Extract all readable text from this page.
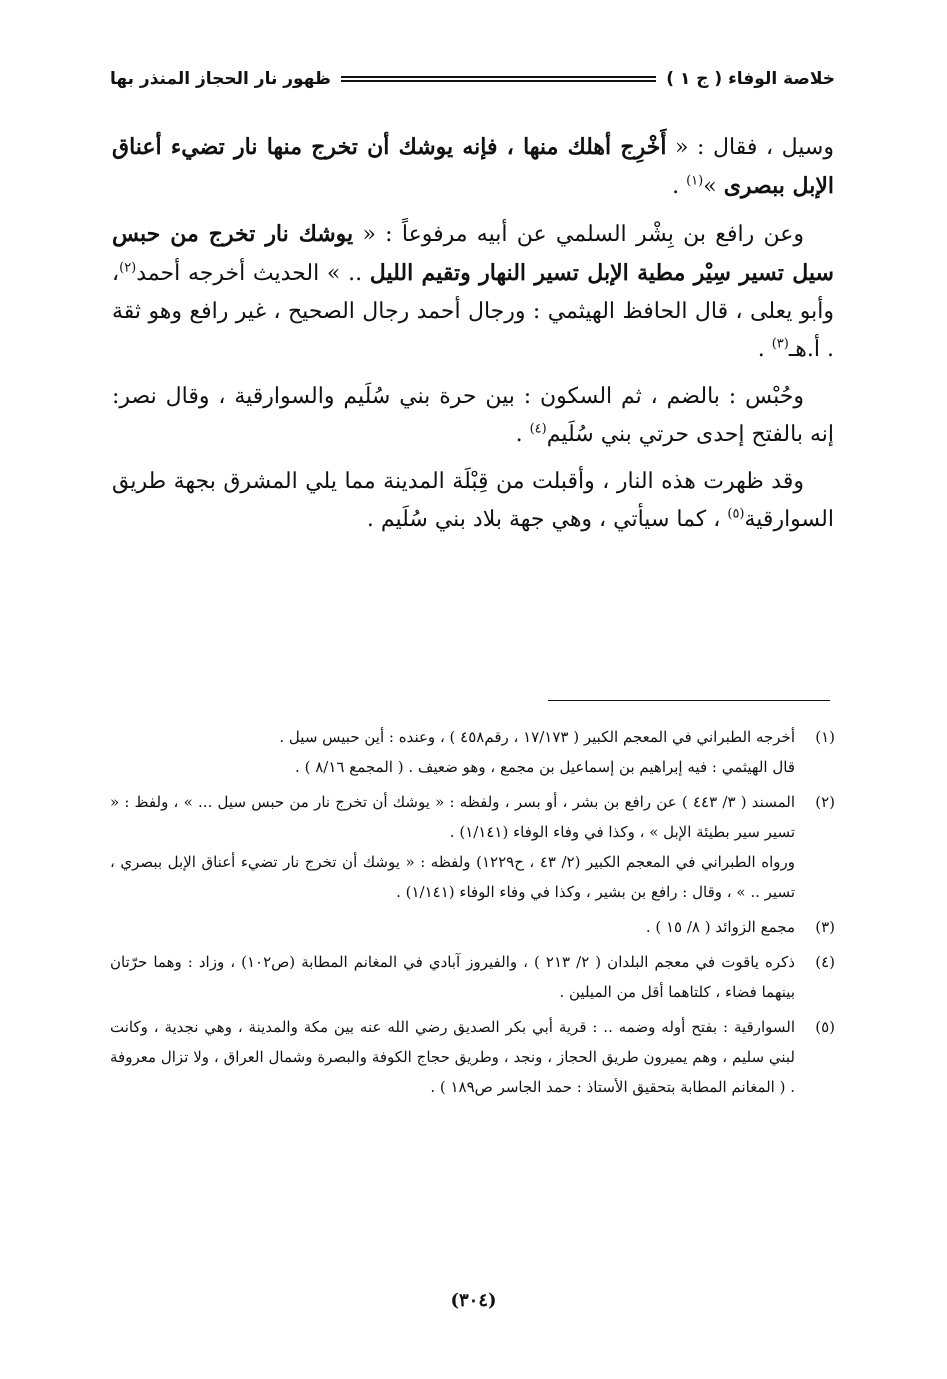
خلاصة الوفاء ( ج ١ )
ظهور نار الحجاز المنذر بها

وسيل ، فقال : « أَخْرِج أهلك منها ، فإنه يوشك أن تخرج منها نار تضيء أعناق الإبل ببصرى »$^{(١)}$ .

وعن رافع بن بِشْر السلمي عن أبيه مرفوعاً : « يوشك نار تخرج من حبس سيل تسير سِيْر مطية الإبل تسير النهار وتقيم الليل .. » الحديث أخرجه أحمد$^{(٢)}$، وأبو يعلى ، قال الحافظ الهيثمي : ورجال أحمد رجال الصحيح ، غير رافع وهو ثقة . أ.هـ$^{(٣)}$ .

وحُبْس : بالضم ، ثم السكون : بين حرة بني سُلَيم والسوارقية ، وقال نصر: إنه بالفتح إحدى حرتي بني سُلَيم$^{(٤)}$ .

وقد ظهرت هذه النار ، وأقبلت من قِبْلَة المدينة مما يلي المشرق بجهة طريق السوارقية$^{(٥)}$ ، كما سيأتي ، وهي جهة بلاد بني سُلَيم .

(١)
أخرجه الطبراني في المعجم الكبير ( ١٧/١٧٣ ، رقم٤٥٨ ) ، وعنده : أين حبيس سيل .
قال الهيثمي : فيه إبراهيم بن إسماعيل بن مجمع ، وهو ضعيف . ( المجمع ٨/١٦ ) .
(٢)
المسند ( ٣/ ٤٤٣ ) عن رافع بن بشر ، أو بسر ، ولفظه : « يوشك أن تخرج نار من حبس سيل ... » ، ولفظ : « تسير سير بطيئة الإبل » ، وكذا في وفاء الوفاء (١/١٤١) .
ورواه الطبراني في المعجم الكبير (٢/ ٤٣ ، ح١٢٢٩) ولفظه : « يوشك أن تخرج نار تضيء أعناق الإبل ببصري ، تسير .. » ، وقال : رافع بن بشير ، وكذا في وفاء الوفاء (١/١٤١) .
(٣)
مجمع الزوائد ( ٨/ ١٥ ) .
(٤)
ذكره ياقوت في معجم البلدان ( ٢/ ٢١٣ ) ، والفيروز آبادي في المغانم المطابة (ص١٠٢) ، وزاد : وهما حرّتان بينهما فضاء ، كلتاهما أقل من الميلين .
(٥)
السوارقية : بفتح أوله وضمه .. : قرية أبي بكر الصديق رضي الله عنه بين مكة والمدينة ، وهي نجدية ، وكانت لبني سليم ، وهم يميرون طريق الحجاز ، ونجد ، وطريق حجاج الكوفة والبصرة وشمال العراق ، ولا تزال معروفة . ( المغانم المطابة بتحقيق الأستاذ : حمد الجاسر ص١٨٩ ) .
(٣٠٤)
